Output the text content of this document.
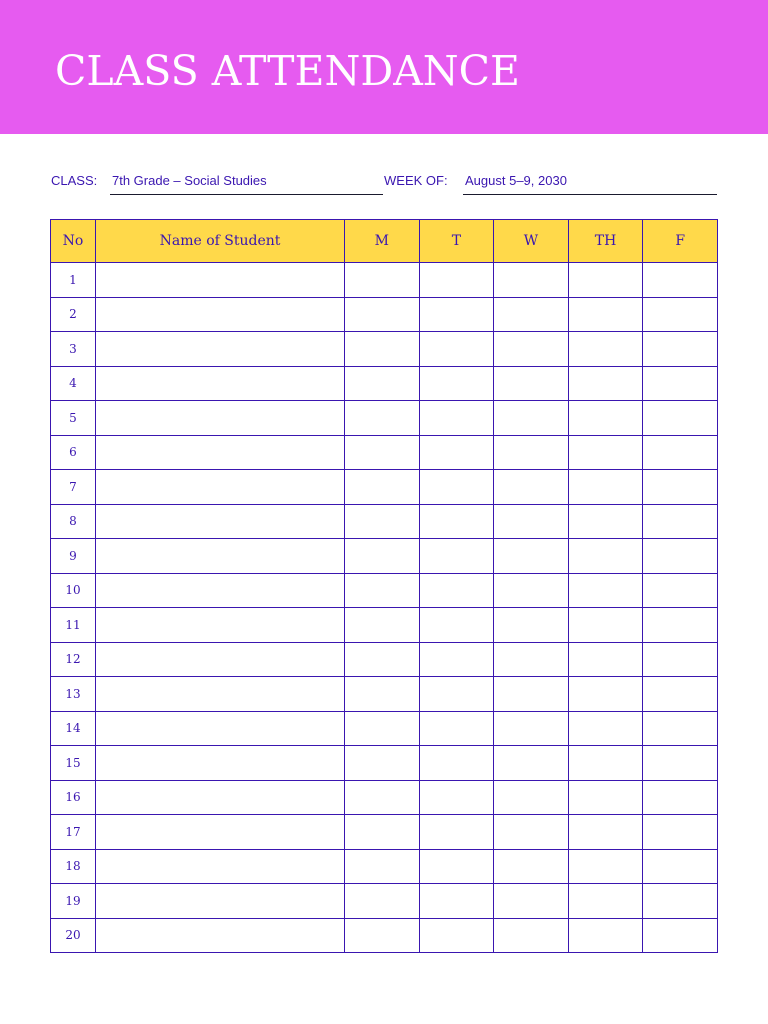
CLASS ATTENDANCE
CLASS: 7th Grade – Social Studies	WEEK OF: August 5–9, 2030
No	Name of Student	M	T	W	TH	F
1						
2						
3						
4						
5						
6						
7						
8						
9						
10						
11						
12						
13						
14						
15						
16						
17						
18						
19						
20						
